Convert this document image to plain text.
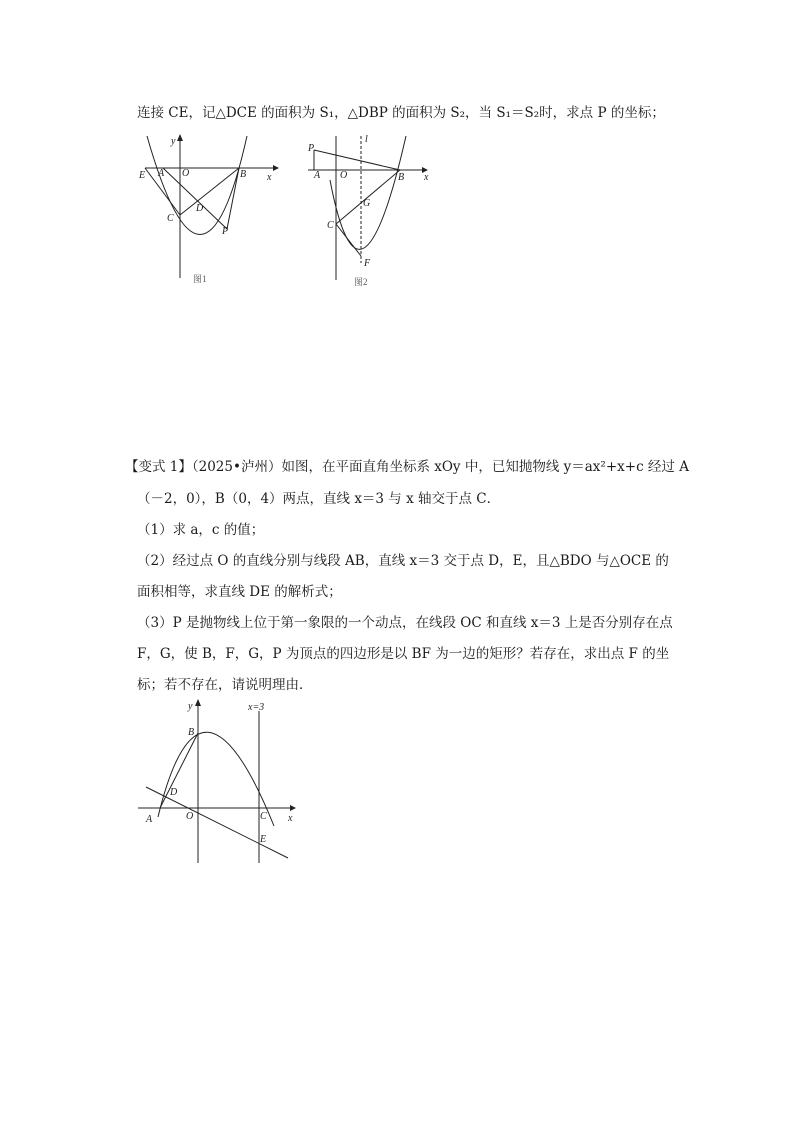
连接 CE，记△DCE 的面积为 S₁，△DBP 的面积为 S₂，当 S₁＝S₂时，求点 P 的坐标；
y
x
O
A	B
E
C
D
P
图1
l
P
A O	B x
G
C
F
图2
【变式 1】（2025•泸州）如图，在平面直角坐标系 xOy 中，已知抛物线 y＝ax²+x+c 经过 A
（－2，0），B（0，4）两点，直线 x＝3 与 x 轴交于点 C．
（1）求 a，c 的值；
（2）经过点 O 的直线分别与线段 AB，直线 x＝3 交于点 D，E，且△BDO 与△OCE 的
面积相等，求直线 DE 的解析式；
（3）P 是抛物线上位于第一象限的一个动点，在线段 OC 和直线 x＝3 上是否分别存在点
F，G，使 B，F，G，P 为顶点的四边形是以 BF 为一边的矩形？若存在，求出点 F 的坐
标；若不存在，请说明理由．
y	x=3
B
D
A	O	C x
E
